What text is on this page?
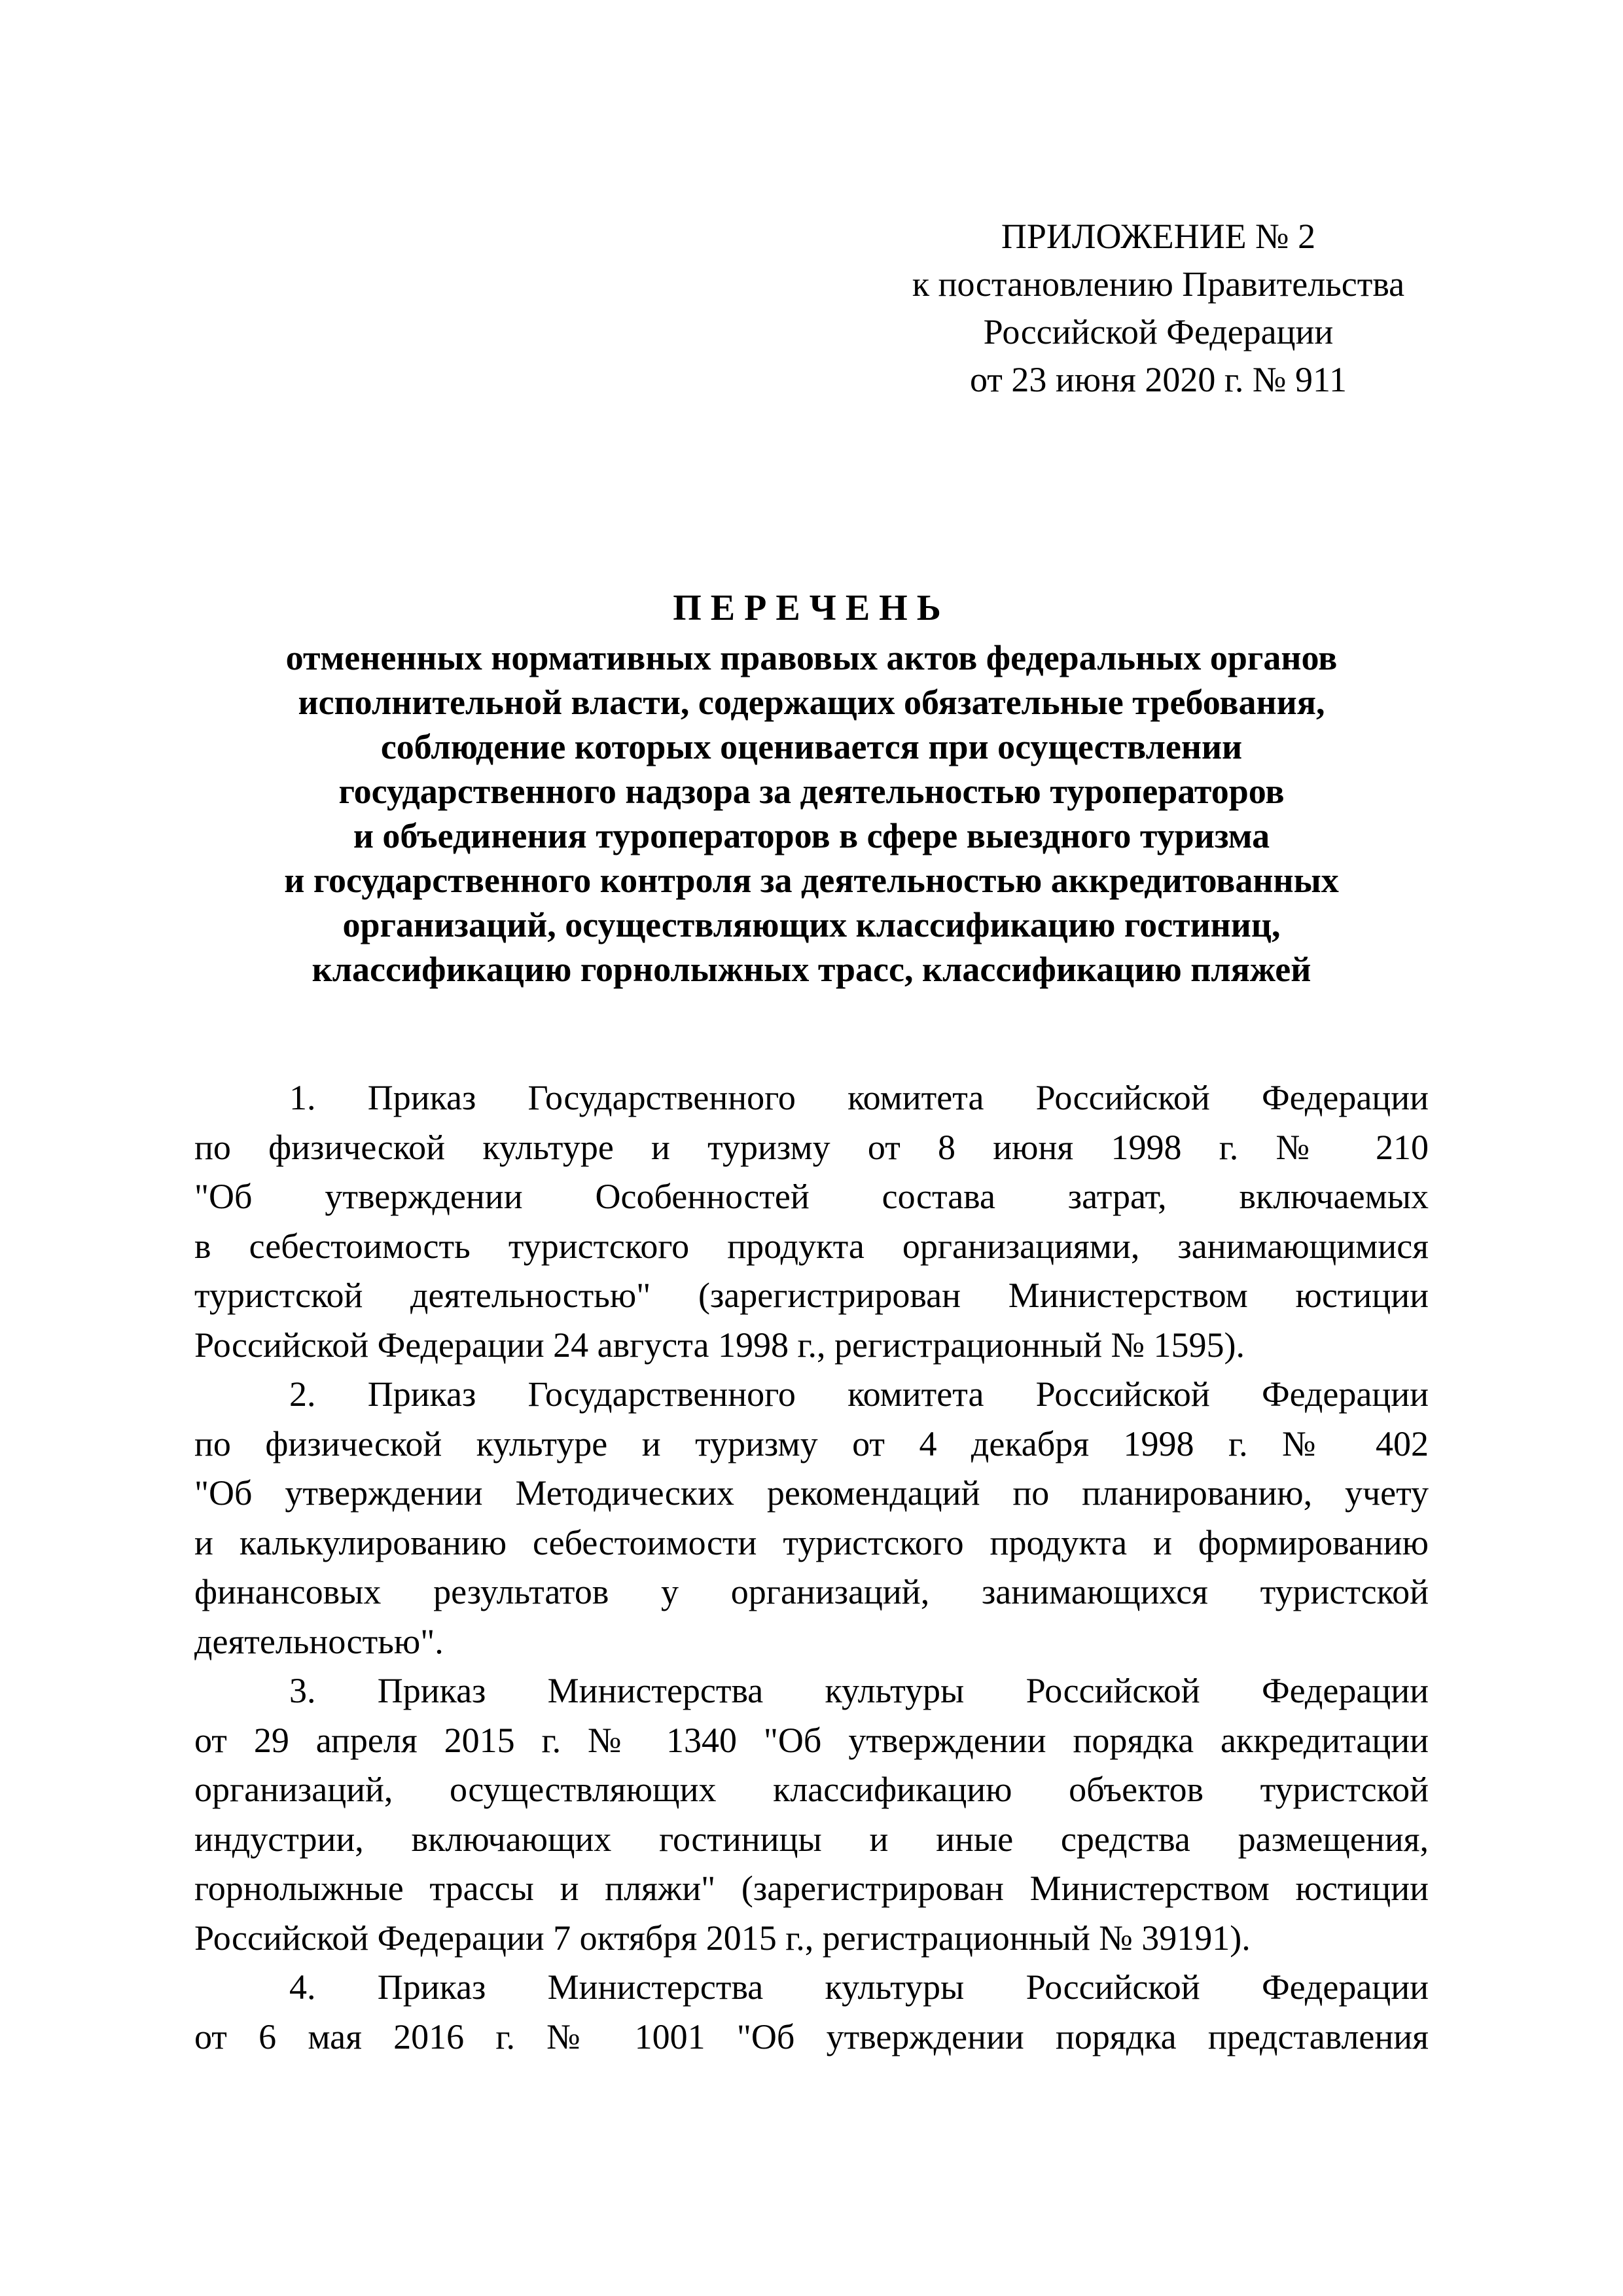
ПРИЛОЖЕНИЕ № 2
к постановлению Правительства
Российской Федерации
от 23 июня 2020 г. № 911
ПЕРЕЧЕНЬ
отмененных нормативных правовых актов федеральных органов
исполнительной власти, содержащих обязательные требования,
соблюдение которых оценивается при осуществлении
государственного надзора за деятельностью туроператоров
и объединения туроператоров в сфере выездного туризма
и государственного контроля за деятельностью аккредитованных
организаций, осуществляющих классификацию гостиниц,
классификацию горнолыжных трасс, классификацию пляжей
1. Приказ Государственного комитета Российской Федерации
по физической культуре и туризму от 8 июня 1998 г. № 210
"Об утверждении Особенностей состава затрат, включаемых
в себестоимость туристского продукта организациями, занимающимися
туристской деятельностью" (зарегистрирован Министерством юстиции
Российской Федерации 24 августа 1998 г., регистрационный № 1595).
2. Приказ Государственного комитета Российской Федерации
по физической культуре и туризму от 4 декабря 1998 г. № 402
"Об утверждении Методических рекомендаций по планированию, учету
и калькулированию себестоимости туристского продукта и формированию
финансовых результатов у организаций, занимающихся туристской
деятельностью".
3. Приказ Министерства культуры Российской Федерации
от 29 апреля 2015 г. № 1340 "Об утверждении порядка аккредитации
организаций, осуществляющих классификацию объектов туристской
индустрии, включающих гостиницы и иные средства размещения,
горнолыжные трассы и пляжи" (зарегистрирован Министерством юстиции
Российской Федерации 7 октября 2015 г., регистрационный № 39191).
4. Приказ Министерства культуры Российской Федерации
от 6 мая 2016 г. № 1001 "Об утверждении порядка представления
